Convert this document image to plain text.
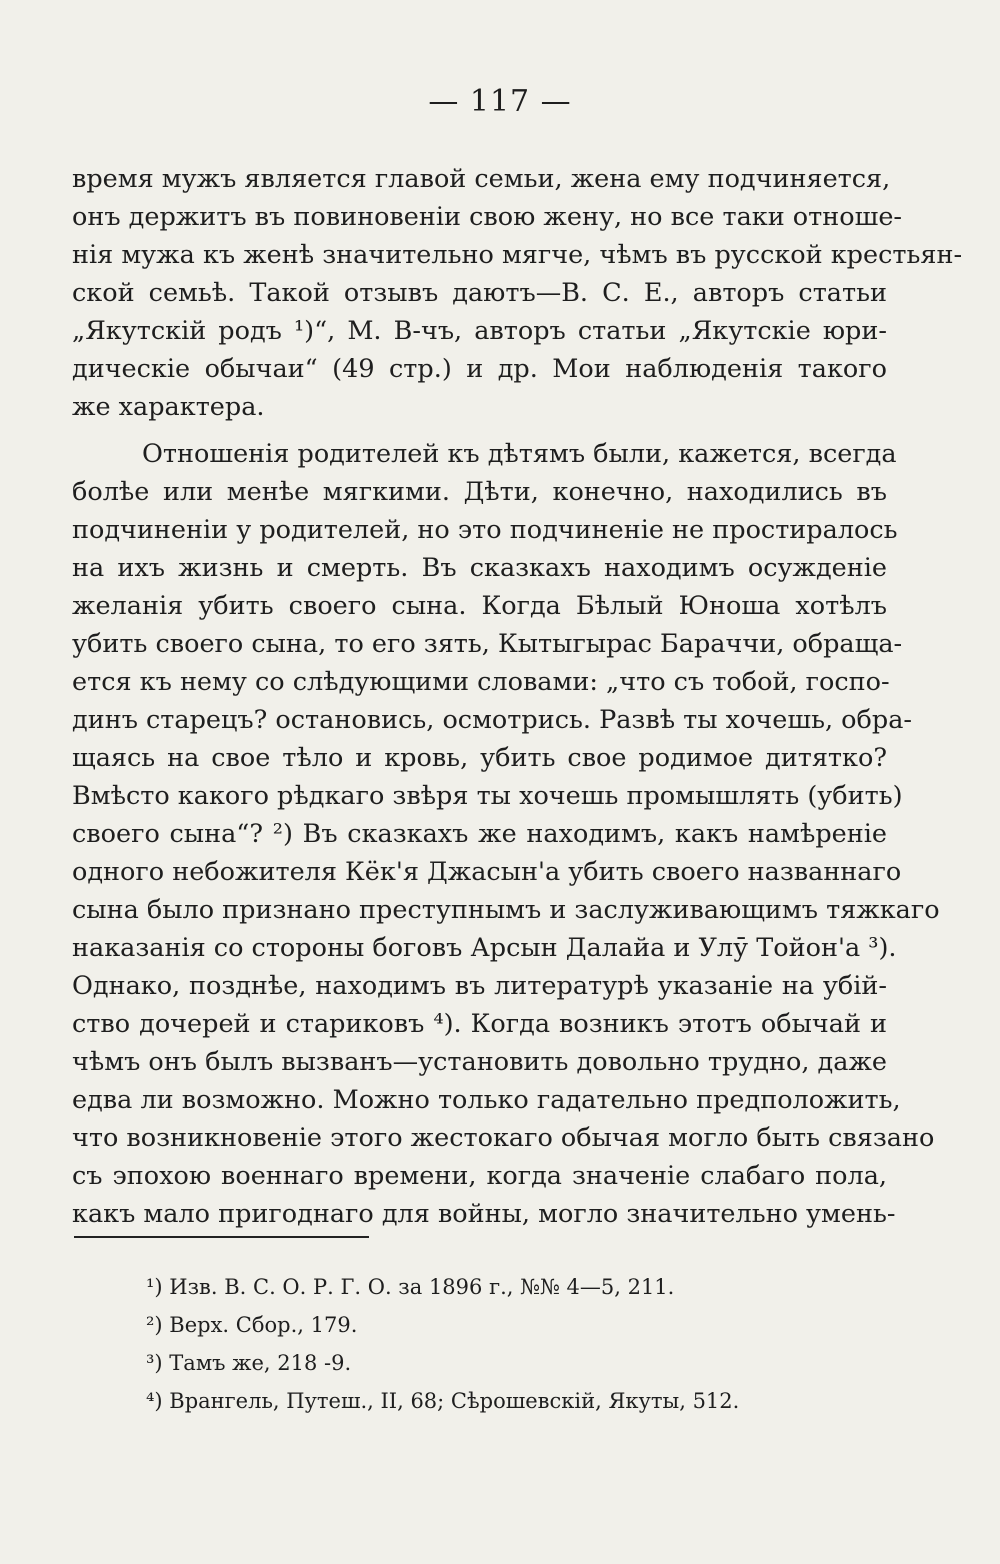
— 117 —
время мужъ является главой семьи, жена ему подчиняется,
онъ держитъ въ повиновеніи свою жену, но все таки отноше-
нія мужа къ женѣ значительно мягче, чѣмъ въ русской крестьян-
ской семьѣ. Такой отзывъ даютъ—В. С. Е., авторъ статьи
„Якутскій родъ ¹)“, М. В-чъ, авторъ статьи „Якутскіе юри-
дическіе обычаи“ (49 стр.) и др. Мои наблюденія такого
же характера.
Отношенія родителей къ дѣтямъ были, кажется, всегда
болѣе или менѣе мягкими. Дѣти, конечно, находились въ
подчиненіи у родителей, но это подчиненіе не простиралось
на ихъ жизнь и смерть. Въ сказкахъ находимъ осужденіе
желанія убить своего сына. Когда Бѣлый Юноша хотѣлъ
убить своего сына, то его зять, Кытыгырас Бараччи, обраща-
ется къ нему со слѣдующими словами: „что съ тобой, госпо-
динъ старецъ? остановись, осмотрись. Развѣ ты хочешь, обра-
щаясь на свое тѣло и кровь, убить свое родимое дитятко?
Вмѣсто какого рѣдкаго звѣря ты хочешь промышлять (убить)
своего сына“? ²) Въ сказкахъ же находимъ, какъ намѣреніе
одного небожителя Кёк'я Джасын'а убить своего названнаго
сына было признано преступнымъ и заслуживающимъ тяжкаго
наказанія со стороны боговъ Арсын Далайа и Улӯ Тойон'а ³).
Однако, позднѣе, находимъ въ литературѣ указаніе на убій-
ство дочерей и стариковъ ⁴). Когда возникъ этотъ обычай и
чѣмъ онъ былъ вызванъ—установить довольно трудно, даже
едва ли возможно. Можно только гадательно предположить,
что возникновеніе этого жестокаго обычая могло быть связано
съ эпохою военнаго времени, когда значеніе слабаго пола,
какъ мало пригоднаго для войны, могло значительно умень-
¹) Изв. В. С. О. Р. Г. О. за 1896 г., №№ 4—5, 211.
²) Верх. Сбор., 179.
³) Тамъ же, 218 -9.
⁴) Врангель, Путеш., II, 68; Сѣрошевскій, Якуты, 512.
